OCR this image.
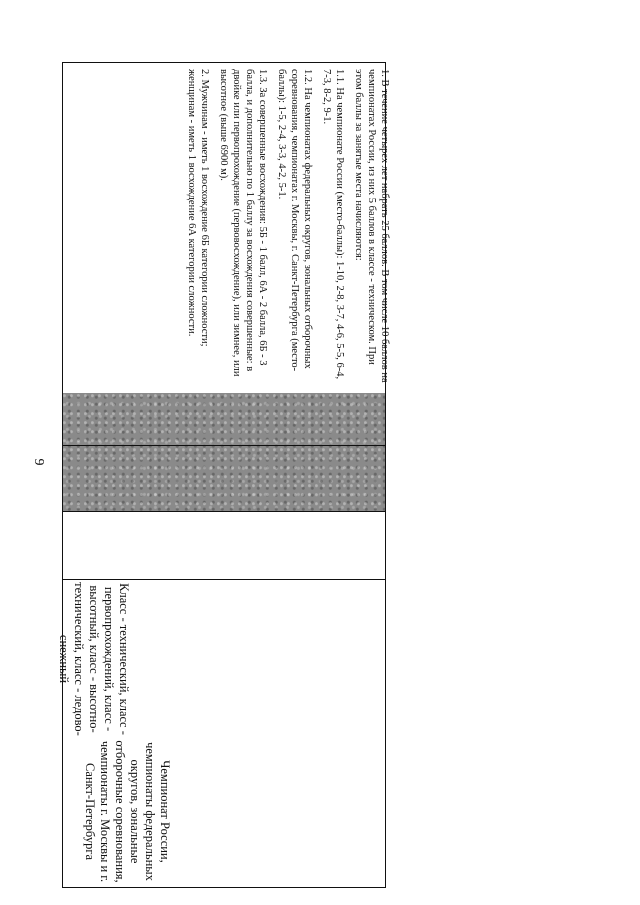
9
Чемпионат России, чемпионаты федеральных округов, зональные отборочные соревнования, чемпионаты г. Москвы и г. Санкт-Петербурга
Класс - технический, класс - первопрохождений, класс - высотный, класс - высотно-технический, класс - ледово-снежный

1. В течение четырех лет набрать 25 баллов. В том числе 10 баллов на чемпионатах России, из них 5 баллов в классе - техническом. При этом баллы за занятые места начисляются:

1.1. На чемпионате России (место-баллы): 1-10, 2-8, 3-7, 4-6, 5-5, 6-4, 7-3, 8-2, 9-1.

1.2. На чемпионатах федеральных округов, зональных отборочных соревнования, чемпионатах г. Москвы, г. Санкт-Петербурга (место-баллы): 1-5, 2-4, 3-3, 4-2, 5-1.

1.3. За совершенные восхождения: 5Б - 1 балл, 6А - 2 балла, 6Б - 3 балла, и дополнительно по 1 баллу за восхождения совершенные: в двойке или первопрохождение (первовосхождение), или зимнее, или высотное (выше 6900 м).

2. Мужчинам - иметь 1 восхождение 6Б категории сложности; женщинам - иметь 1 восхождение 6А категории сложности.
